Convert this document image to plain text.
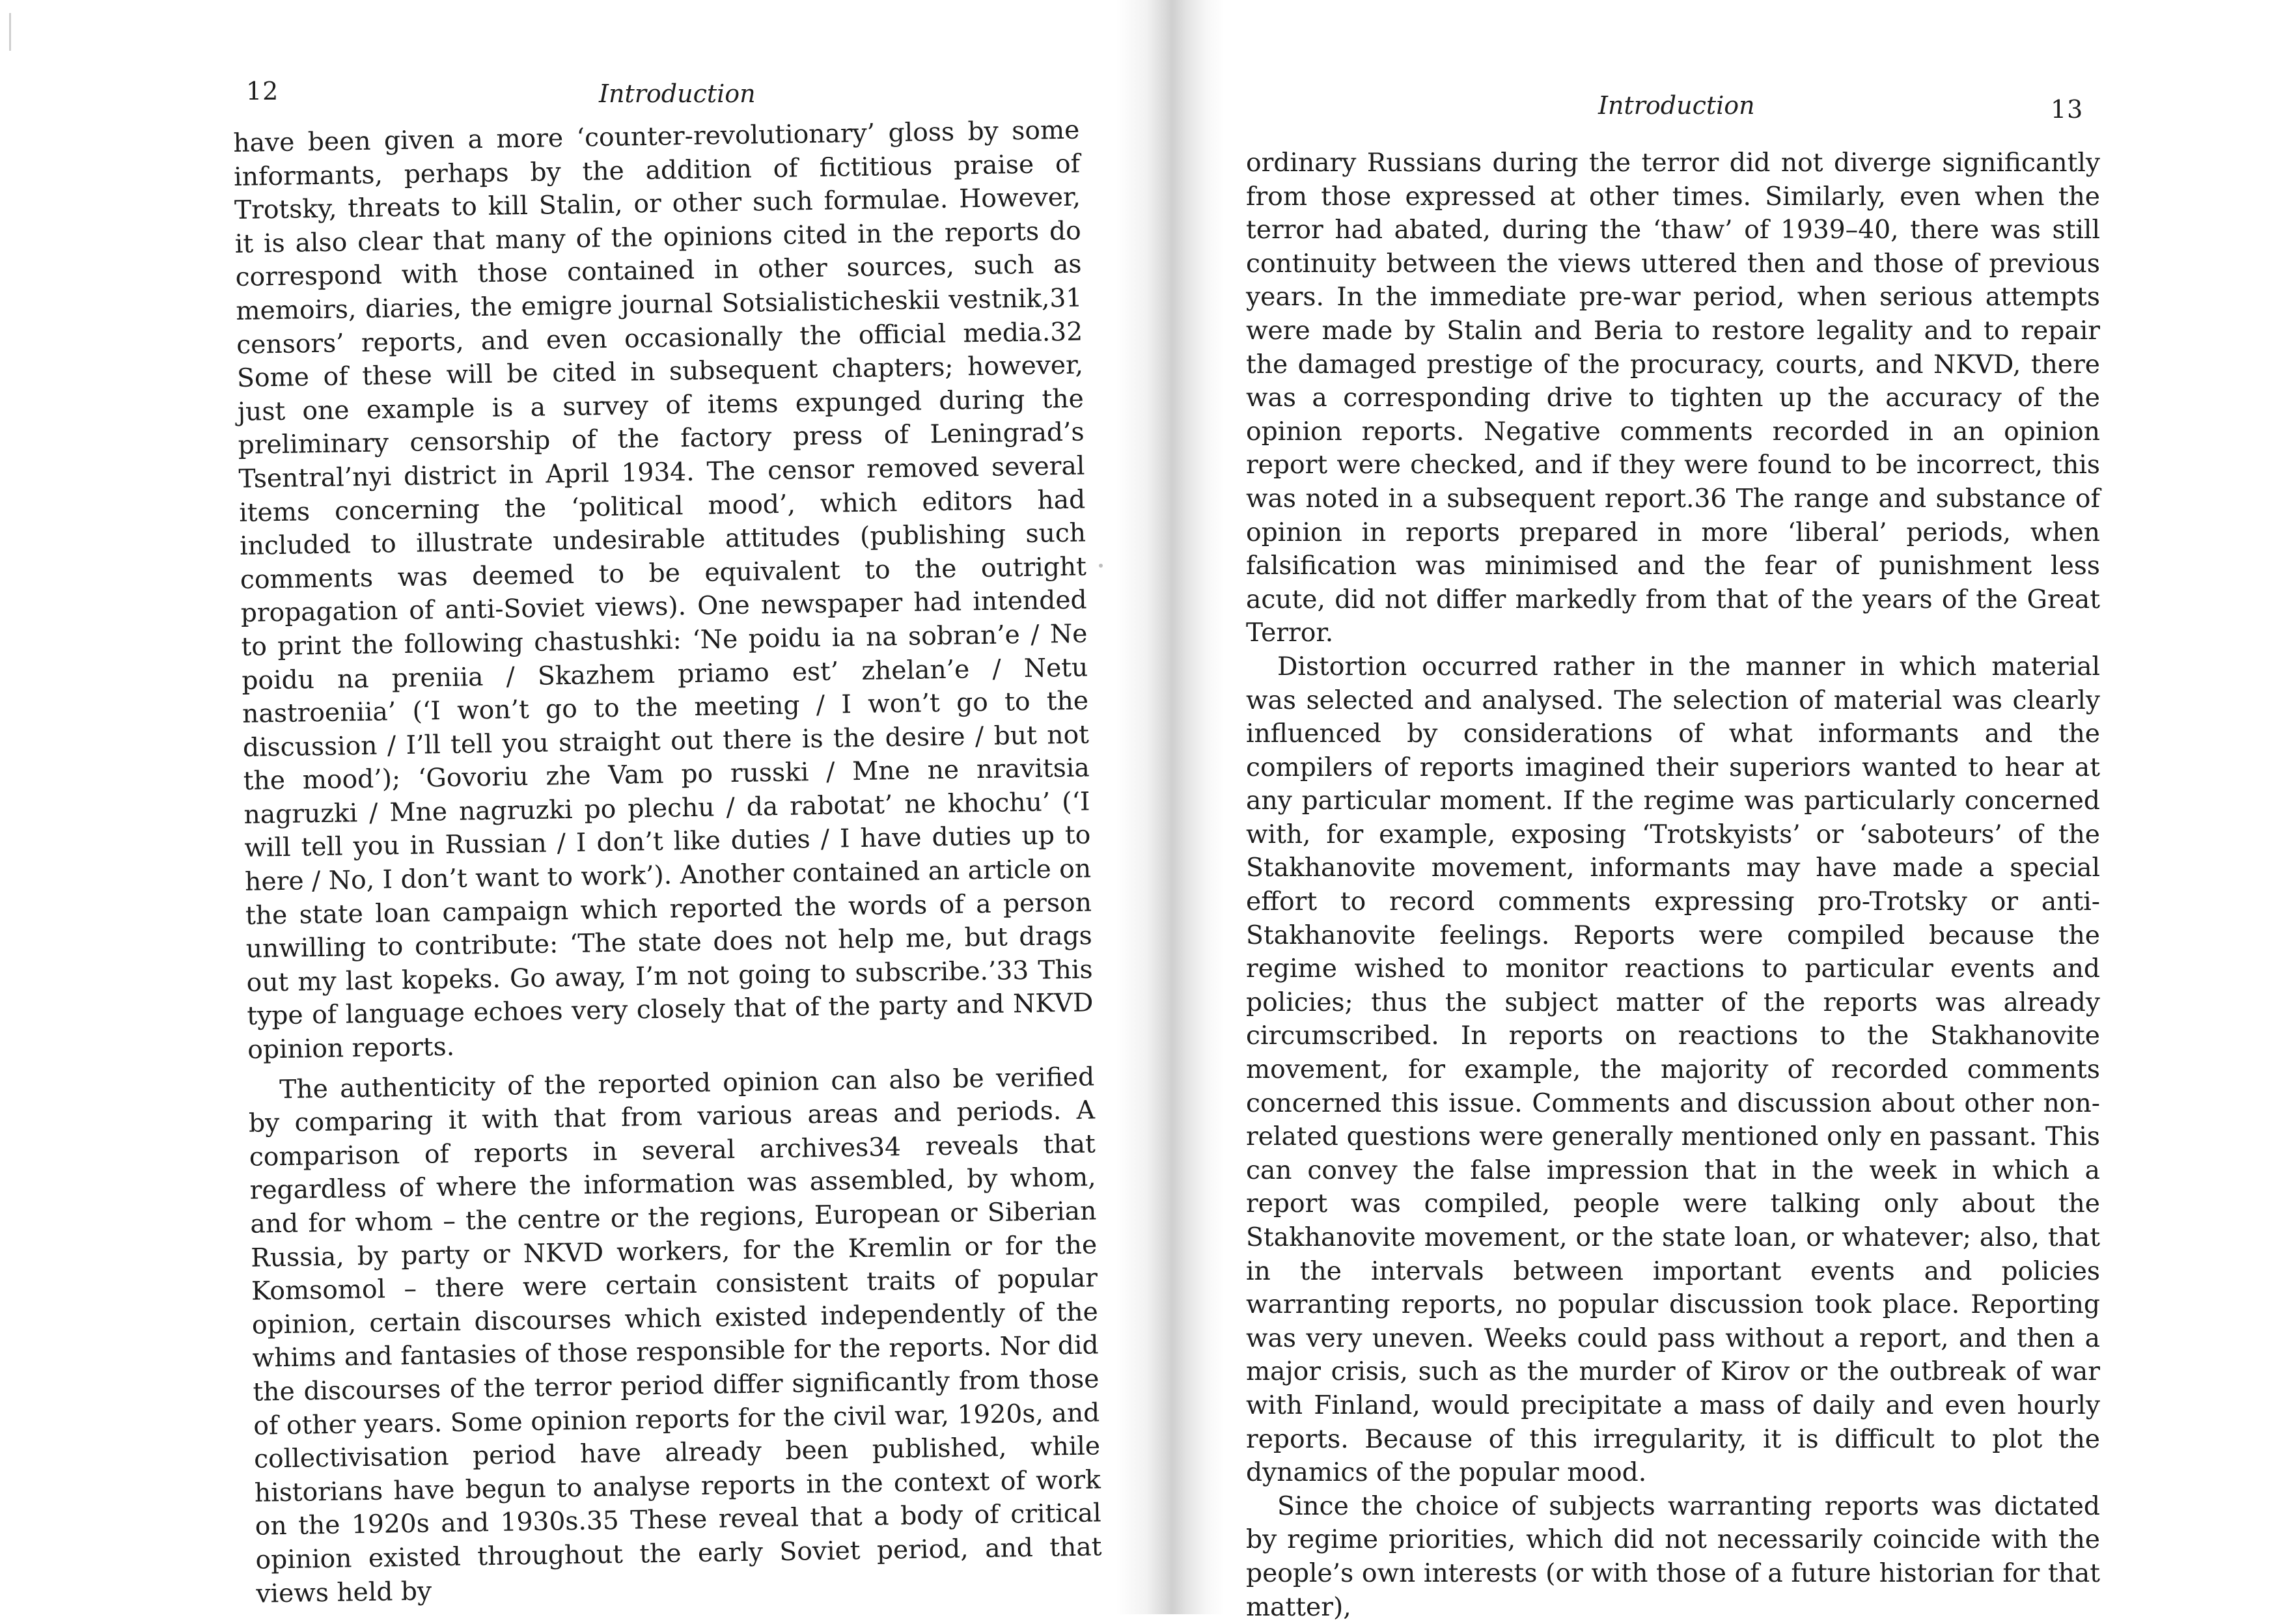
12	Introduction

have been given a more ‘counter-revolutionary’ gloss by some informants, perhaps by the addition of fictitious praise of Trotsky, threats to kill Stalin, or other such formulae. However, it is also clear that many of the opinions cited in the reports do correspond with those contained in other sources, such as memoirs, diaries, the emigre journal Sotsialisticheskii vestnik,31 censors’ reports, and even occasionally the official media.32 Some of these will be cited in subsequent chapters; however, just one example is a survey of items expunged during the preliminary censorship of the factory press of Leningrad’s Tsentral’nyi district in April 1934. The censor removed several items concerning the ‘political mood’, which editors had included to illustrate undesirable attitudes (publishing such comments was deemed to be equivalent to the outright propagation of anti-Soviet views). One newspaper had intended to print the following chastushki: ‘Ne poidu ia na sobran’e / Ne poidu na preniia / Skazhem priamo est’ zhelan’e / Netu nastroeniia’ (‘I won’t go to the meeting / I won’t go to the discussion / I’ll tell you straight out there is the desire / but not the mood’); ‘Govoriu zhe Vam po russki / Mne ne nravitsia nagruzki / Mne nagruzki po plechu / da rabotat’ ne khochu’ (‘I will tell you in Russian / I don’t like duties / I have duties up to here / No, I don’t want to work’). Another contained an article on the state loan campaign which reported the words of a person unwilling to contribute: ‘The state does not help me, but drags out my last kopeks. Go away, I’m not going to subscribe.’33 This type of language echoes very closely that of the party and NKVD opinion reports.

The authenticity of the reported opinion can also be verified by comparing it with that from various areas and periods. A comparison of reports in several archives34 reveals that regardless of where the information was assembled, by whom, and for whom – the centre or the regions, European or Siberian Russia, by party or NKVD workers, for the Kremlin or for the Komsomol – there were certain consistent traits of popular opinion, certain discourses which existed independently of the whims and fantasies of those responsible for the reports. Nor did the discourses of the terror period differ significantly from those of other years. Some opinion reports for the civil war, 1920s, and collectivisation period have already been published, while historians have begun to analyse reports in the context of work on the 1920s and 1930s.35 These reveal that a body of critical opinion existed throughout the early Soviet period, and that views held by

Introduction	13

ordinary Russians during the terror did not diverge significantly from those expressed at other times. Similarly, even when the terror had abated, during the ‘thaw’ of 1939–40, there was still continuity between the views uttered then and those of previous years. In the immediate pre-war period, when serious attempts were made by Stalin and Beria to restore legality and to repair the damaged prestige of the procuracy, courts, and NKVD, there was a corresponding drive to tighten up the accuracy of the opinion reports. Negative comments recorded in an opinion report were checked, and if they were found to be incorrect, this was noted in a subsequent report.36 The range and substance of opinion in reports prepared in more ‘liberal’ periods, when falsification was minimised and the fear of punishment less acute, did not differ markedly from that of the years of the Great Terror.

Distortion occurred rather in the manner in which material was selected and analysed. The selection of material was clearly influenced by considerations of what informants and the compilers of reports imagined their superiors wanted to hear at any particular moment. If the regime was particularly concerned with, for example, exposing ‘Trotskyists’ or ‘saboteurs’ of the Stakhanovite movement, informants may have made a special effort to record comments expressing pro-Trotsky or anti-Stakhanovite feelings. Reports were compiled because the regime wished to monitor reactions to particular events and policies; thus the subject matter of the reports was already circumscribed. In reports on reactions to the Stakhanovite movement, for example, the majority of recorded comments concerned this issue. Comments and discussion about other non-related questions were generally mentioned only en passant. This can convey the false impression that in the week in which a report was compiled, people were talking only about the Stakhanovite movement, or the state loan, or whatever; also, that in the intervals between important events and policies warranting reports, no popular discussion took place. Reporting was very uneven. Weeks could pass without a report, and then a major crisis, such as the murder of Kirov or the outbreak of war with Finland, would precipitate a mass of daily and even hourly reports. Because of this irregularity, it is difficult to plot the dynamics of the popular mood.

Since the choice of subjects warranting reports was dictated by regime priorities, which did not necessarily coincide with the people’s own interests (or with those of a future historian for that matter),
